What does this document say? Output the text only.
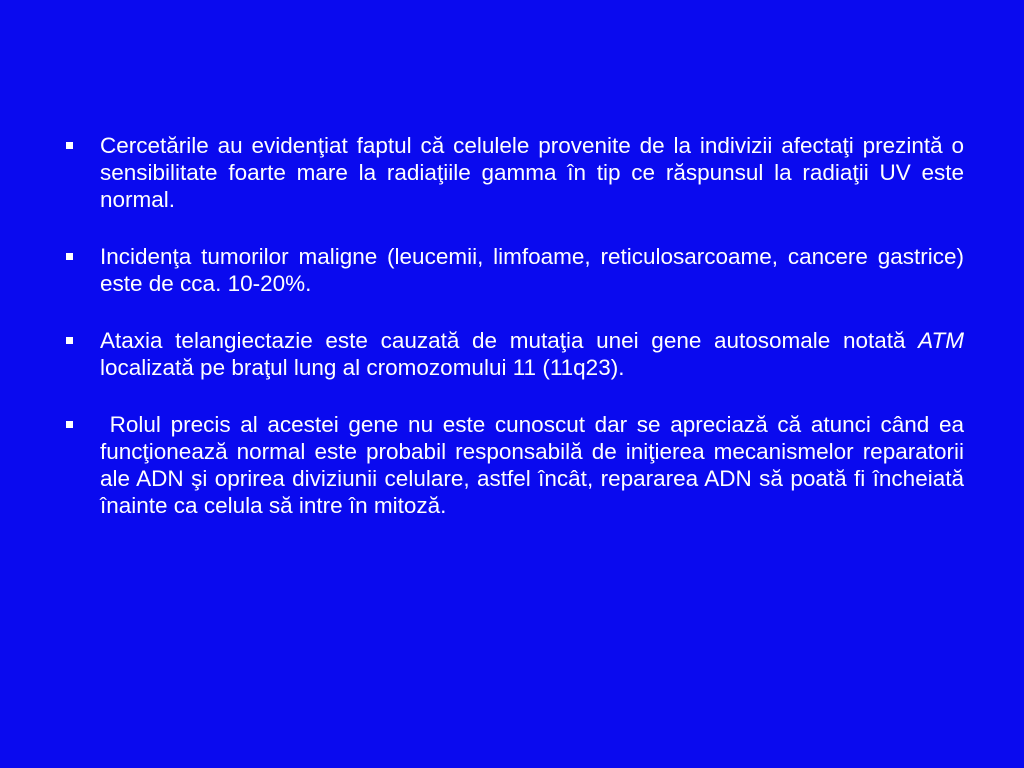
Cercetările au evidenţiat faptul că celulele provenite de la indivizii afectaţi prezintă o sensibilitate foarte mare la radiaţiile gamma în tip ce răspunsul la radiaţii UV este normal.
Incidenţa tumorilor maligne (leucemii, limfoame, reticulosarcoame, cancere gastrice) este de cca. 10-20%.
Ataxia telangiectazie este cauzată de mutaţia unei gene autosomale notată ATM localizată pe braţul lung al cromozomului 11 (11q23).
Rolul precis al acestei gene nu este cunoscut dar se apreciază că atunci când ea funcţionează normal este probabil responsabilă de iniţierea mecanismelor reparatorii ale ADN şi oprirea diviziunii celulare, astfel încât, repararea ADN să poată fi încheiată înainte ca celula să intre în mitoză.
